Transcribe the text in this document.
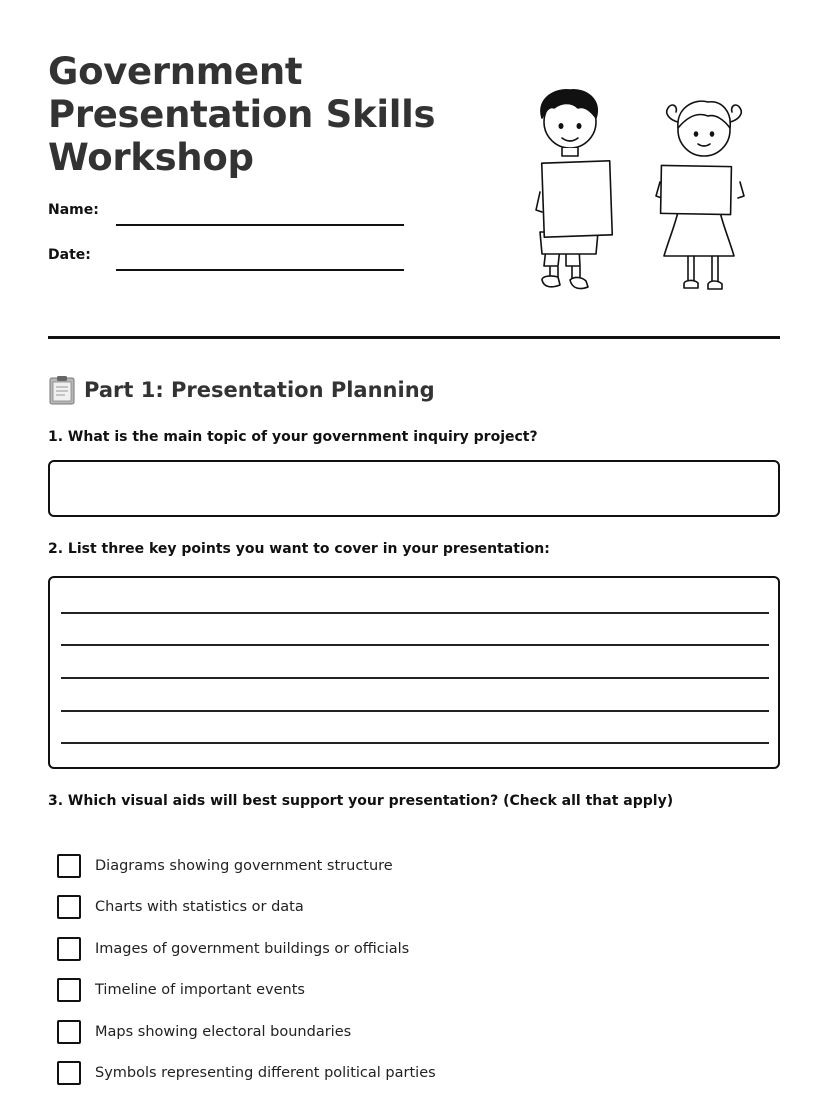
Government
Presentation Skills
Workshop
Name:
Date:
Part 1: Presentation Planning

1. What is the main topic of your government inquiry project?

2. List three key points you want to cover in your presentation:

3. Which visual aids will best support your presentation? (Check all that apply)

Diagrams showing government structure
Charts with statistics or data
Images of government buildings or officials
Timeline of important events
Maps showing electoral boundaries
Symbols representing different political parties
